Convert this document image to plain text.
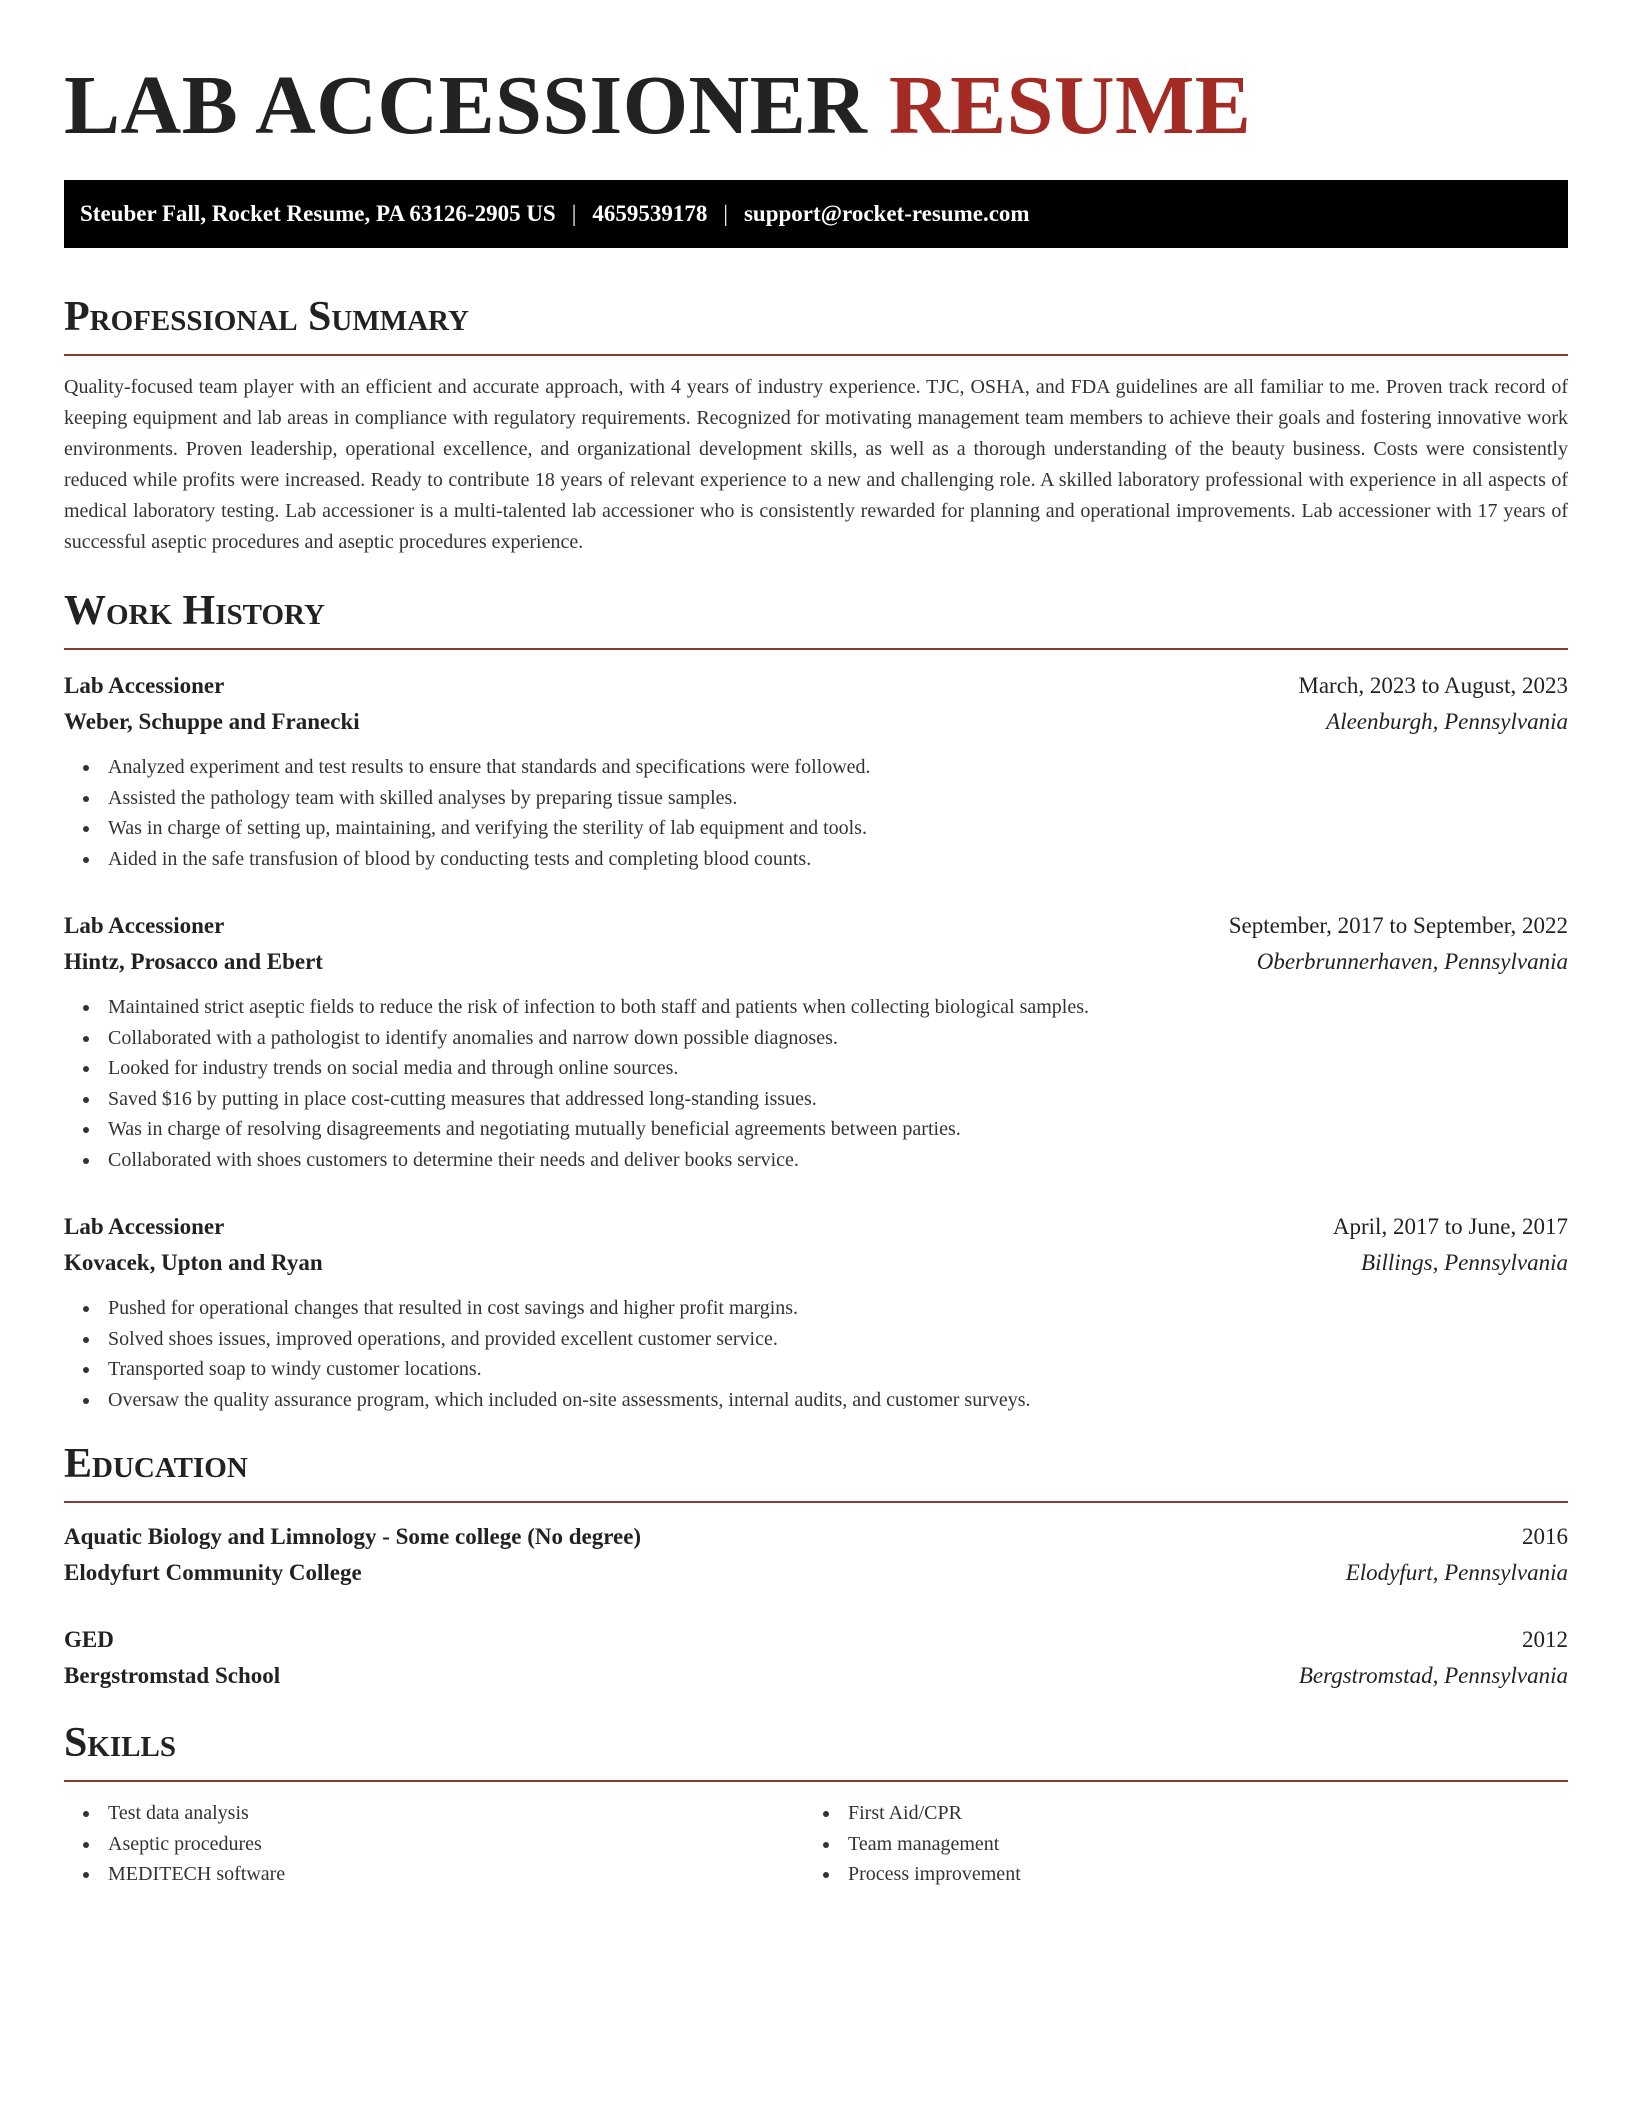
LAB ACCESSIONER RESUME
Steuber Fall, Rocket Resume, PA 63126-2905 US | 4659539178 | support@rocket-resume.com
Professional Summary

Quality-focused team player with an efficient and accurate approach, with 4 years of industry experience. TJC, OSHA, and FDA guidelines are all familiar to me. Proven track record of keeping equipment and lab areas in compliance with regulatory requirements. Recognized for motivating management team members to achieve their goals and fostering innovative work environments. Proven leadership, operational excellence, and organizational development skills, as well as a thorough understanding of the beauty business. Costs were consistently reduced while profits were increased. Ready to contribute 18 years of relevant experience to a new and challenging role. A skilled laboratory professional with experience in all aspects of medical laboratory testing. Lab accessioner is a multi-talented lab accessioner who is consistently rewarded for planning and operational improvements. Lab accessioner with 17 years of successful aseptic procedures and aseptic procedures experience.

Work History
Lab Accessioner	March, 2023 to August, 2023
Weber, Schuppe and Franecki	Aleenburgh, Pennsylvania
Analyzed experiment and test results to ensure that standards and specifications were followed.
Assisted the pathology team with skilled analyses by preparing tissue samples.
Was in charge of setting up, maintaining, and verifying the sterility of lab equipment and tools.
Aided in the safe transfusion of blood by conducting tests and completing blood counts.
Lab Accessioner	September, 2017 to September, 2022
Hintz, Prosacco and Ebert	Oberbrunnerhaven, Pennsylvania
Maintained strict aseptic fields to reduce the risk of infection to both staff and patients when collecting biological samples.
Collaborated with a pathologist to identify anomalies and narrow down possible diagnoses.
Looked for industry trends on social media and through online sources.
Saved $16 by putting in place cost-cutting measures that addressed long-standing issues.
Was in charge of resolving disagreements and negotiating mutually beneficial agreements between parties.
Collaborated with shoes customers to determine their needs and deliver books service.
Lab Accessioner	April, 2017 to June, 2017
Kovacek, Upton and Ryan	Billings, Pennsylvania
Pushed for operational changes that resulted in cost savings and higher profit margins.
Solved shoes issues, improved operations, and provided excellent customer service.
Transported soap to windy customer locations.
Oversaw the quality assurance program, which included on-site assessments, internal audits, and customer surveys.
Education
Aquatic Biology and Limnology - Some college (No degree)	2016
Elodyfurt Community College	Elodyfurt, Pennsylvania
GED	2012
Bergstromstad School	Bergstromstad, Pennsylvania
Skills
Test data analysis
Aseptic procedures
MEDITECH software
First Aid/CPR
Team management
Process improvement
